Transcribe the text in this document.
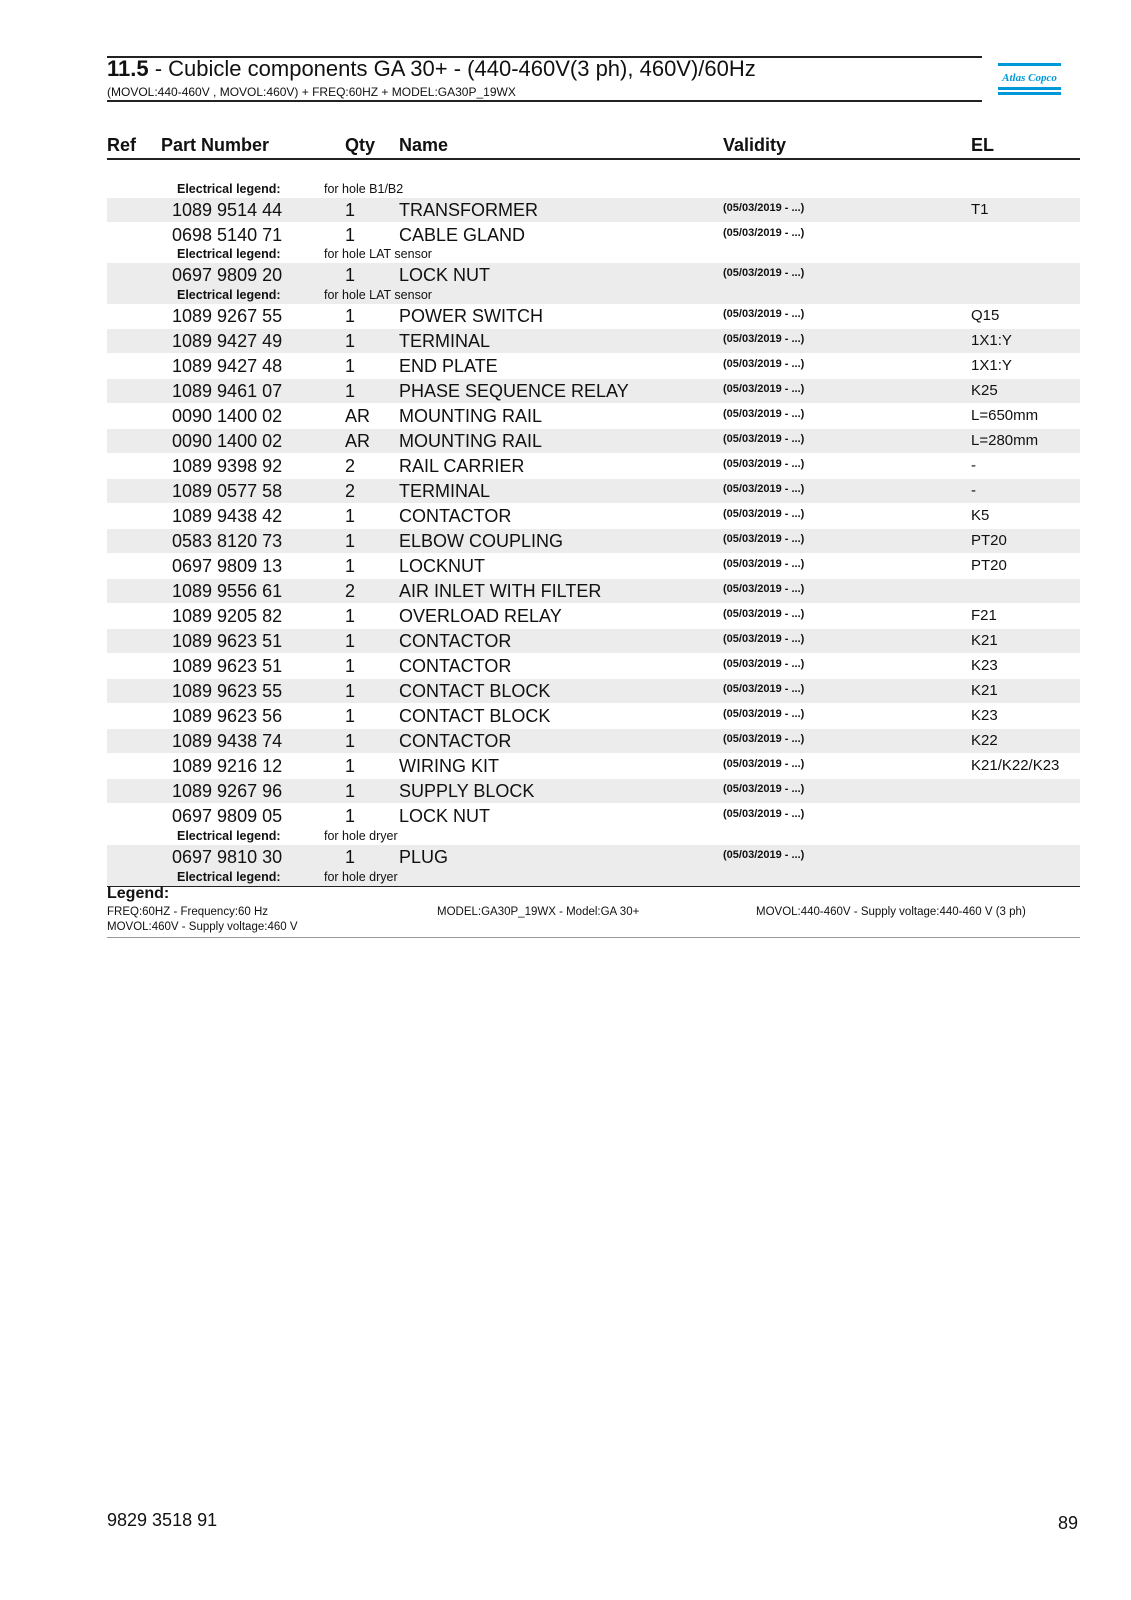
11.5 - Cubicle components GA 30+ - (440-460V(3 ph), 460V)/60Hz
(MOVOL:440-460V , MOVOL:460V) + FREQ:60HZ + MODEL:GA30P_19WX
Atlas Copco
Ref Part Number	Qty Name	Validity	EL
Electrical legend:	for hole B1/B2
1089 9514 44	1 TRANSFORMER	(05/03/2019 - ...)	T1
0698 5140 71	1 CABLE GLAND	(05/03/2019 - ...)
Electrical legend:	for hole LAT sensor
0697 9809 20	1 LOCK NUT	(05/03/2019 - ...)
Electrical legend:	for hole LAT sensor
1089 9267 55	1 POWER SWITCH	(05/03/2019 - ...)	Q15
1089 9427 49	1 TERMINAL	(05/03/2019 - ...)	1X1:Y
1089 9427 48	1 END PLATE	(05/03/2019 - ...)	1X1:Y
1089 9461 07	1 PHASE SEQUENCE RELAY	(05/03/2019 - ...)	K25
0090 1400 02	AR MOUNTING RAIL	(05/03/2019 - ...)	L=650mm
0090 1400 02	AR MOUNTING RAIL	(05/03/2019 - ...)	L=280mm
1089 9398 92	2 RAIL CARRIER	(05/03/2019 - ...)	-
1089 0577 58	2 TERMINAL	(05/03/2019 - ...)	-
1089 9438 42	1 CONTACTOR	(05/03/2019 - ...)	K5
0583 8120 73	1 ELBOW COUPLING	(05/03/2019 - ...)	PT20
0697 9809 13	1 LOCKNUT	(05/03/2019 - ...)	PT20
1089 9556 61	2 AIR INLET WITH FILTER	(05/03/2019 - ...)
1089 9205 82	1 OVERLOAD RELAY	(05/03/2019 - ...)	F21
1089 9623 51	1 CONTACTOR	(05/03/2019 - ...)	K21
1089 9623 51	1 CONTACTOR	(05/03/2019 - ...)	K23
1089 9623 55	1 CONTACT BLOCK	(05/03/2019 - ...)	K21
1089 9623 56	1 CONTACT BLOCK	(05/03/2019 - ...)	K23
1089 9438 74	1 CONTACTOR	(05/03/2019 - ...)	K22
1089 9216 12	1 WIRING KIT	(05/03/2019 - ...)	K21/K22/K23
1089 9267 96	1 SUPPLY BLOCK	(05/03/2019 - ...)
0697 9809 05	1 LOCK NUT	(05/03/2019 - ...)
Electrical legend:	for hole dryer
0697 9810 30	1 PLUG	(05/03/2019 - ...)
Electrical legend:	for hole dryer
Legend:
FREQ:60HZ - Frequency:60 Hz
MOVOL:460V - Supply voltage:460 V
MODEL:GA30P_19WX - Model:GA 30+	MOVOL:440-460V - Supply voltage:440-460 V (3 ph)
9829 3518 91	89
